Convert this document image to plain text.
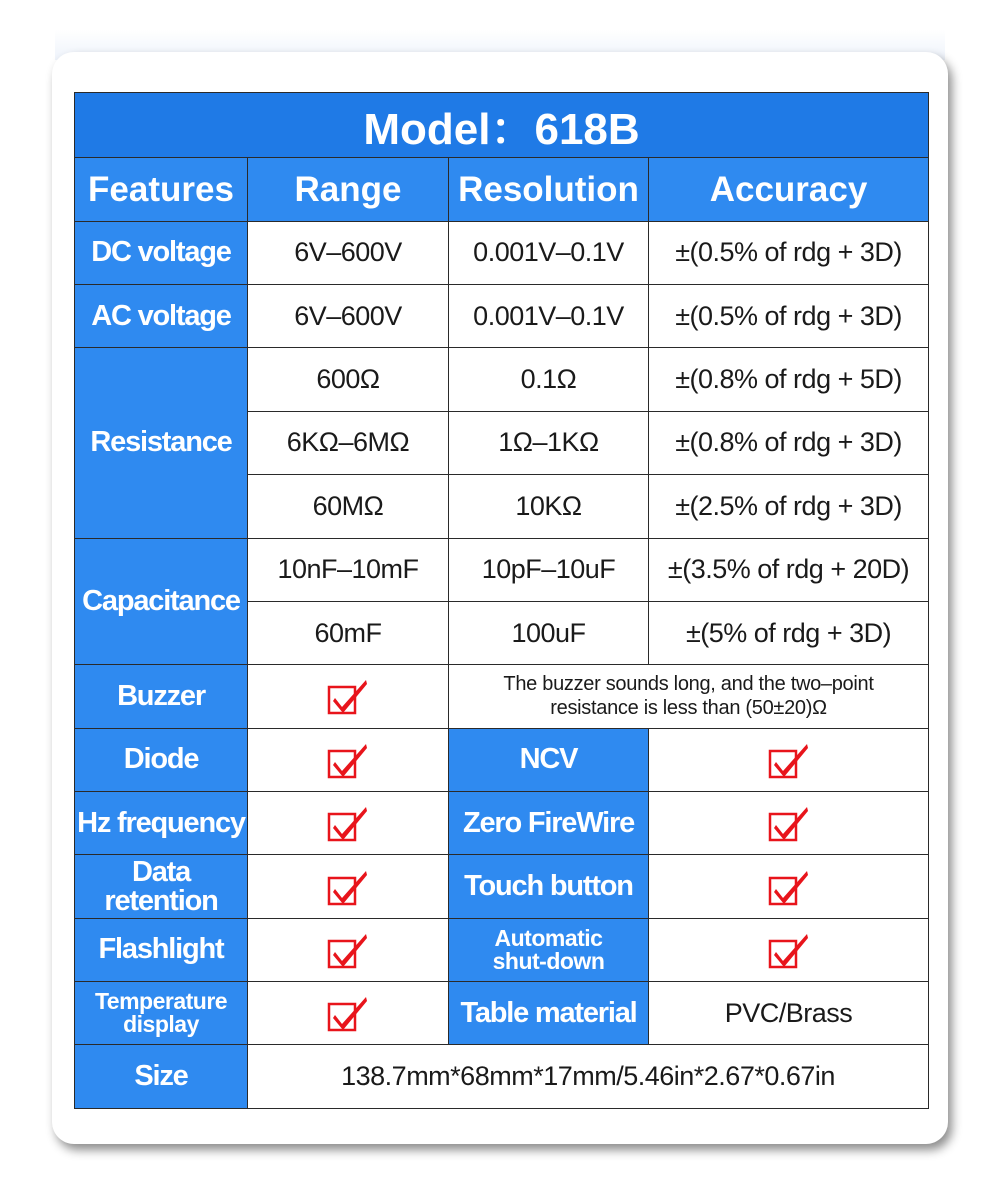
Model：618B			
Features	Range	Resolution	Accuracy
DC voltage	6V–600V	0.001V–0.1V	±(0.5% of rdg + 3D)
AC voltage	6V–600V	0.001V–0.1V	±(0.5% of rdg + 3D)
Resistance	600Ω	0.1Ω	±(0.8% of rdg + 5D)
	6KΩ–6MΩ	1Ω–1KΩ	±(0.8% of rdg + 3D)
	60MΩ	10KΩ	±(2.5% of rdg + 3D)
Capacitance	10nF–10mF	10pF–10uF	±(3.5% of rdg + 20D)
	60mF	100uF	±(5% of rdg + 3D)
Buzzer		The buzzer sounds long, and the two–point
resistance is less than (50±20)Ω	

Diode		NCV	

Hz frequency		Zero FireWire	

Data retention		Touch button	

Flashlight		Automatic
shut-down

Temperature
display		Table material	PVC/Brass
Size	138.7mm*68mm*17mm/5.46in*2.67*0.67in		
